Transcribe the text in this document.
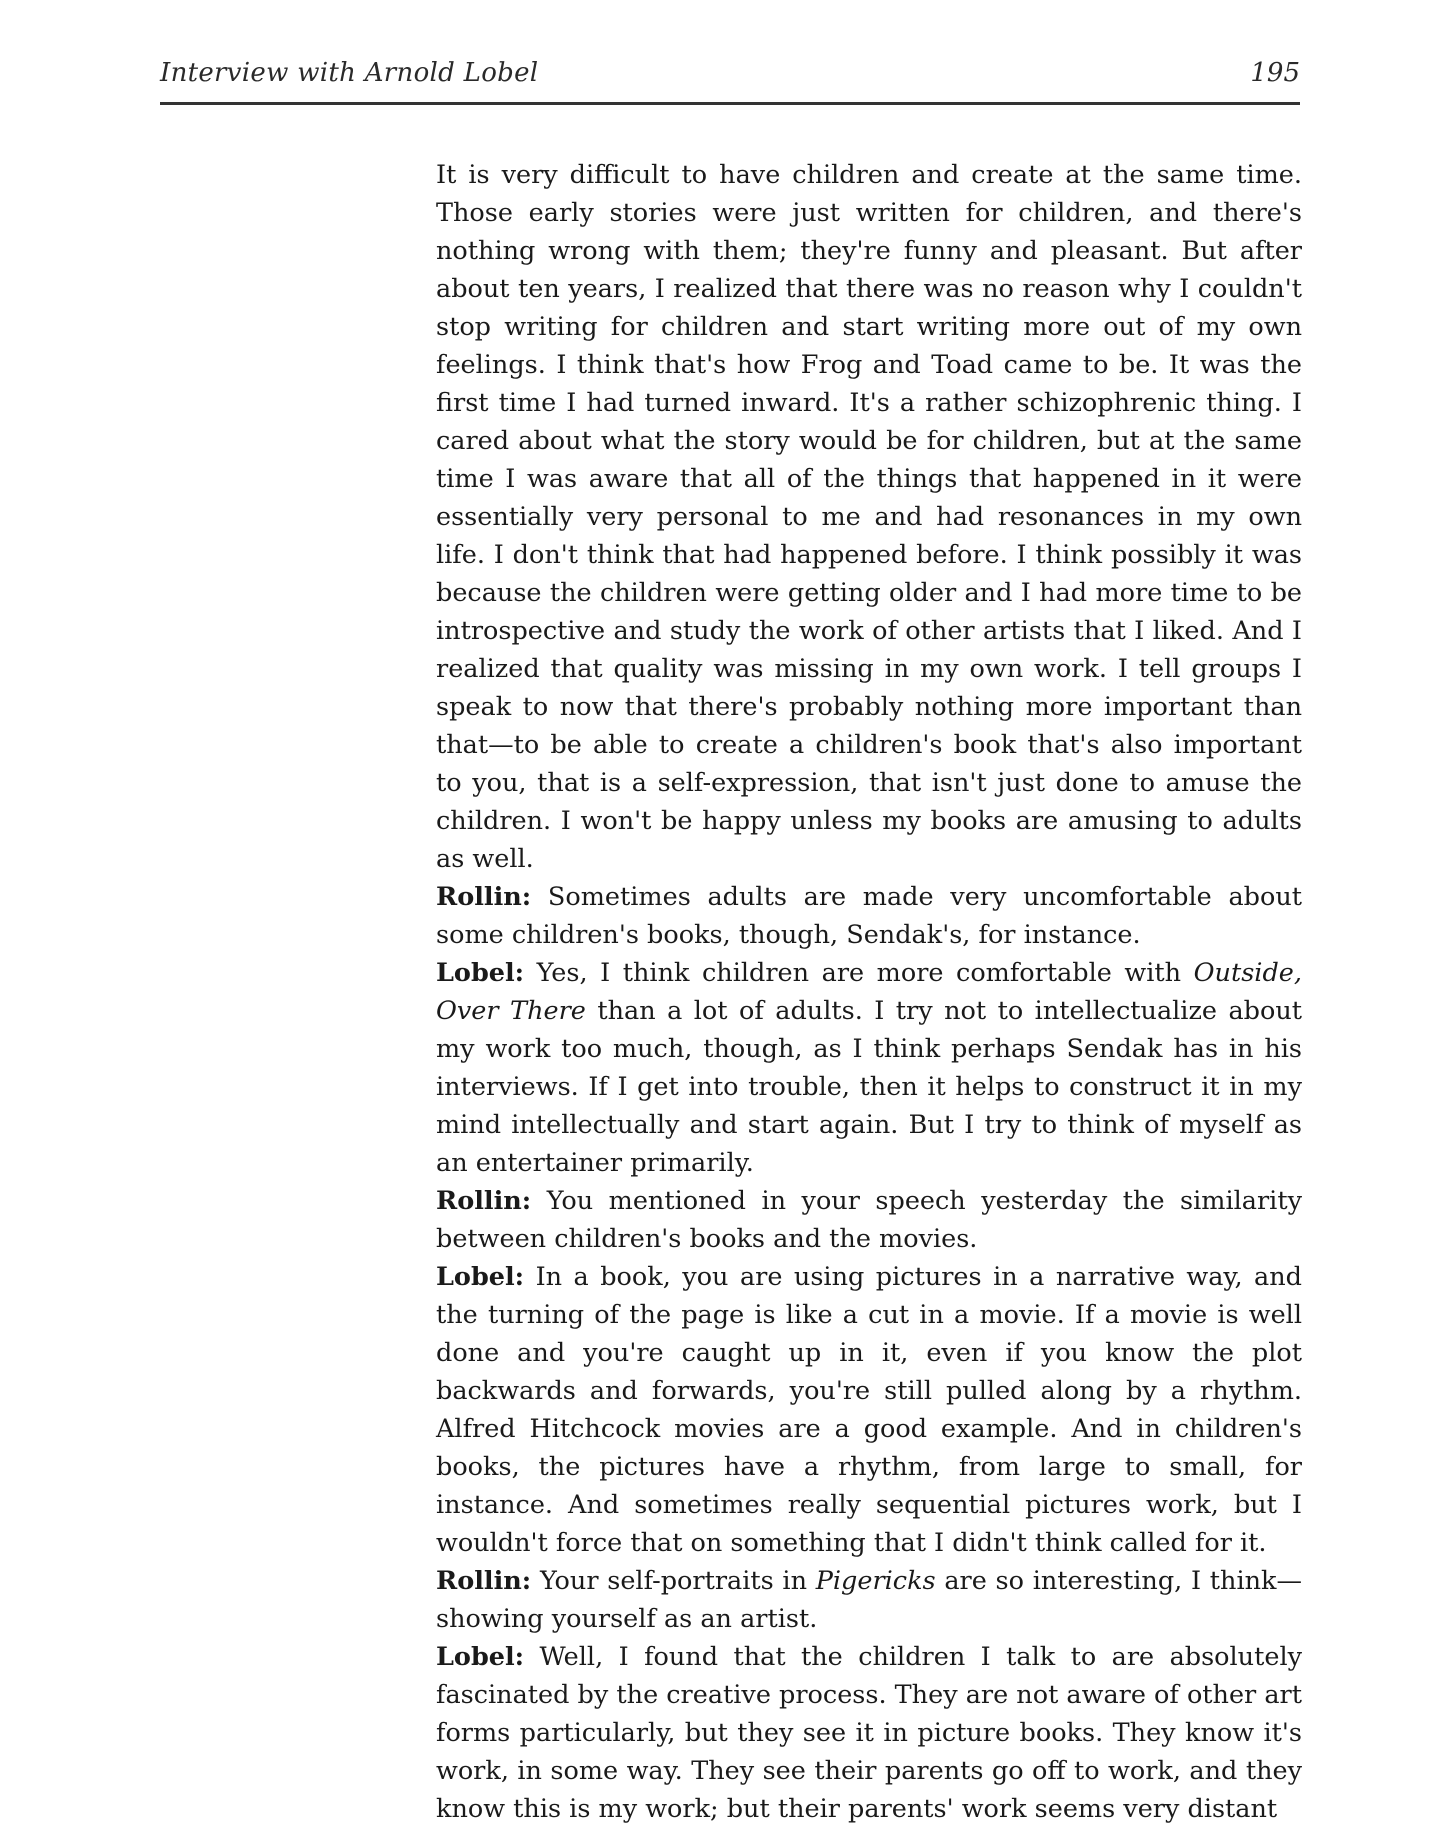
Interview with Arnold Lobel	195

It is very difficult to have children and create at the same time. Those early stories were just written for children, and there's nothing wrong with them; they're funny and pleasant. But after about ten years, I realized that there was no reason why I couldn't stop writing for children and start writing more out of my own feelings. I think that's how Frog and Toad came to be. It was the first time I had turned inward. It's a rather schizophrenic thing. I cared about what the story would be for children, but at the same time I was aware that all of the things that happened in it were essentially very personal to me and had resonances in my own life. I don't think that had happened before. I think possibly it was because the children were getting older and I had more time to be introspective and study the work of other artists that I liked. And I realized that quality was missing in my own work. I tell groups I speak to now that there's probably nothing more important than that—to be able to create a children's book that's also important to you, that is a self-expression, that isn't just done to amuse the children. I won't be happy unless my books are amusing to adults as well.

Rollin: Sometimes adults are made very uncomfortable about some children's books, though, Sendak's, for instance.

Lobel: Yes, I think children are more comfortable with Outside, Over There than a lot of adults. I try not to intellectualize about my work too much, though, as I think perhaps Sendak has in his interviews. If I get into trouble, then it helps to construct it in my mind intellectually and start again. But I try to think of myself as an entertainer primarily.

Rollin: You mentioned in your speech yesterday the similarity between children's books and the movies.

Lobel: In a book, you are using pictures in a narrative way, and the turning of the page is like a cut in a movie. If a movie is well done and you're caught up in it, even if you know the plot backwards and forwards, you're still pulled along by a rhythm. Alfred Hitchcock movies are a good example. And in children's books, the pictures have a rhythm, from large to small, for instance. And sometimes really sequential pictures work, but I wouldn't force that on something that I didn't think called for it.

Rollin: Your self-portraits in Pigericks are so interesting, I think—showing yourself as an artist.

Lobel: Well, I found that the children I talk to are absolutely fascinated by the creative process. They are not aware of other art forms particularly, but they see it in picture books. They know it's work, in some way. They see their parents go off to work, and they know this is my work; but their parents' work seems very distant
